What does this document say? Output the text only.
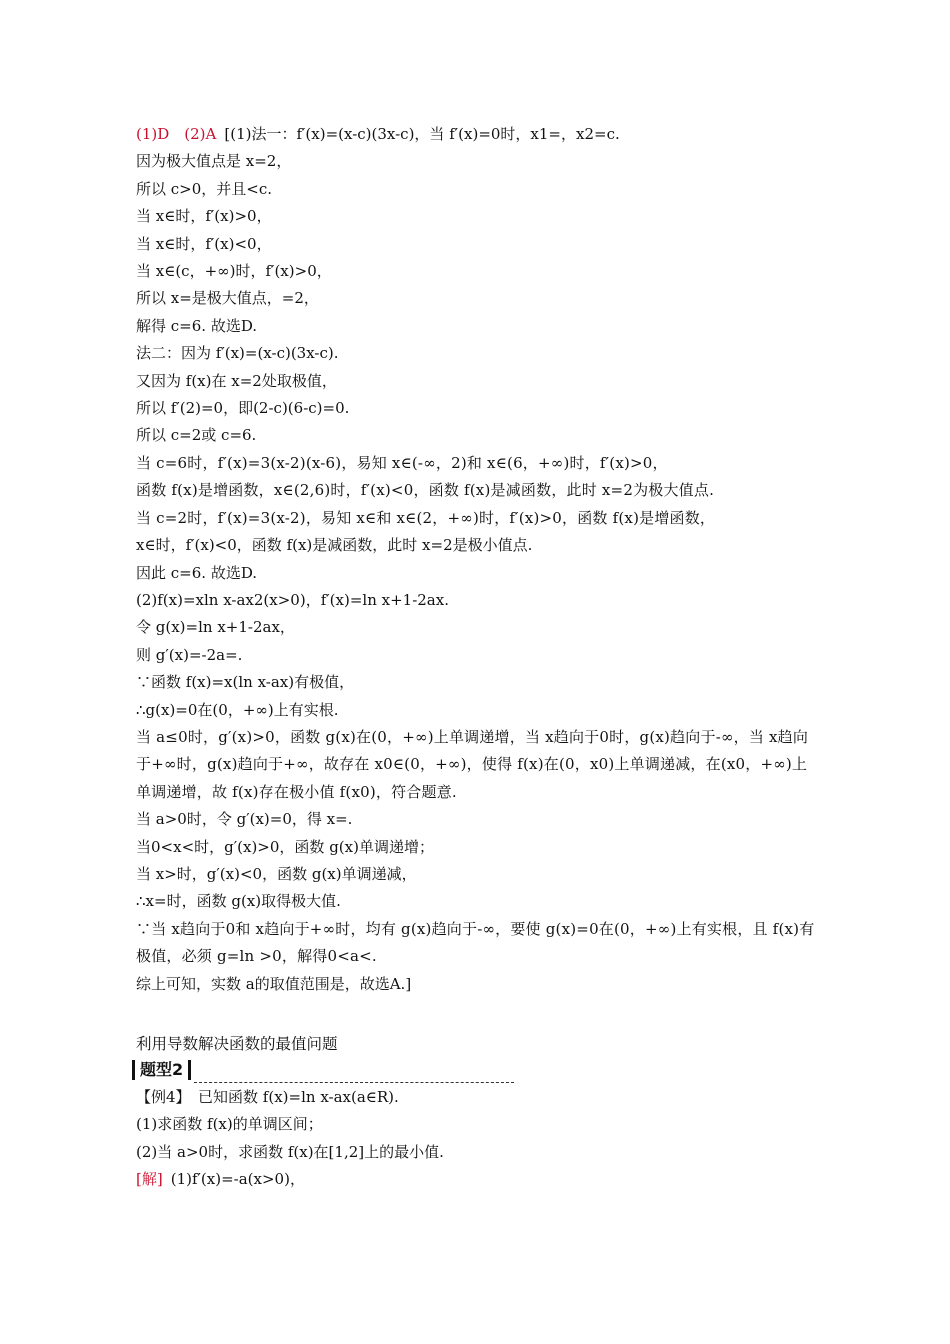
(1)D　(2)A [(1)法一：f′(x)=(x-c)(3x-c)，当 f′(x)=0时，x1=，x2=c.
因为极大值点是 x=2，
所以 c>0，并且<c.
当 x∈时，f′(x)>0，
当 x∈时，f′(x)<0，
当 x∈(c，+∞)时，f′(x)>0，
所以 x=是极大值点，=2，
解得 c=6. 故选D.
法二：因为 f′(x)=(x-c)(3x-c).
又因为 f(x)在 x=2处取极值，
所以 f′(2)=0，即(2-c)(6-c)=0.
所以 c=2或 c=6.
当 c=6时，f′(x)=3(x-2)(x-6)，易知 x∈(-∞，2)和 x∈(6，+∞)时，f′(x)>0，
函数 f(x)是增函数，x∈(2,6)时，f′(x)<0，函数 f(x)是减函数，此时 x=2为极大值点.
当 c=2时，f′(x)=3(x-2)，易知 x∈和 x∈(2，+∞)时，f′(x)>0，函数 f(x)是增函数，
x∈时，f′(x)<0，函数 f(x)是减函数，此时 x=2是极小值点.
因此 c=6. 故选D.
(2)f(x)=xln x-ax2(x>0)，f′(x)=ln x+1-2ax.
令 g(x)=ln x+1-2ax，
则 g′(x)=-2a=.
∵函数 f(x)=x(ln x-ax)有极值，
∴g(x)=0在(0，+∞)上有实根.
当 a≤0时，g′(x)>0，函数 g(x)在(0，+∞)上单调递增，当 x趋向于0时，g(x)趋向于-∞，当 x趋向于+∞时，g(x)趋向于+∞，故存在 x0∈(0，+∞)，使得 f(x)在(0，x0)上单调递减，在(x0，+∞)上单调递增，故 f(x)存在极小值 f(x0)，符合题意.
当 a>0时，令 g′(x)=0，得 x=.
当0<x<时，g′(x)>0，函数 g(x)单调递增；
当 x>时，g′(x)<0，函数 g(x)单调递减，
∴x=时，函数 g(x)取得极大值.
∵当 x趋向于0和 x趋向于+∞时，均有 g(x)趋向于-∞，要使 g(x)=0在(0，+∞)上有实根，且 f(x)有极值，必须 g=ln >0，解得0<a<.
综上可知，实数 a的取值范围是，故选A.]
利用导数解决函数的最值问题
题型2
【例4】　已知函数 f(x)=ln x-ax(a∈R).
(1)求函数 f(x)的单调区间；
(2)当 a>0时，求函数 f(x)在[1,2]上的最小值.
[解] (1)f′(x)=-a(x>0)，
